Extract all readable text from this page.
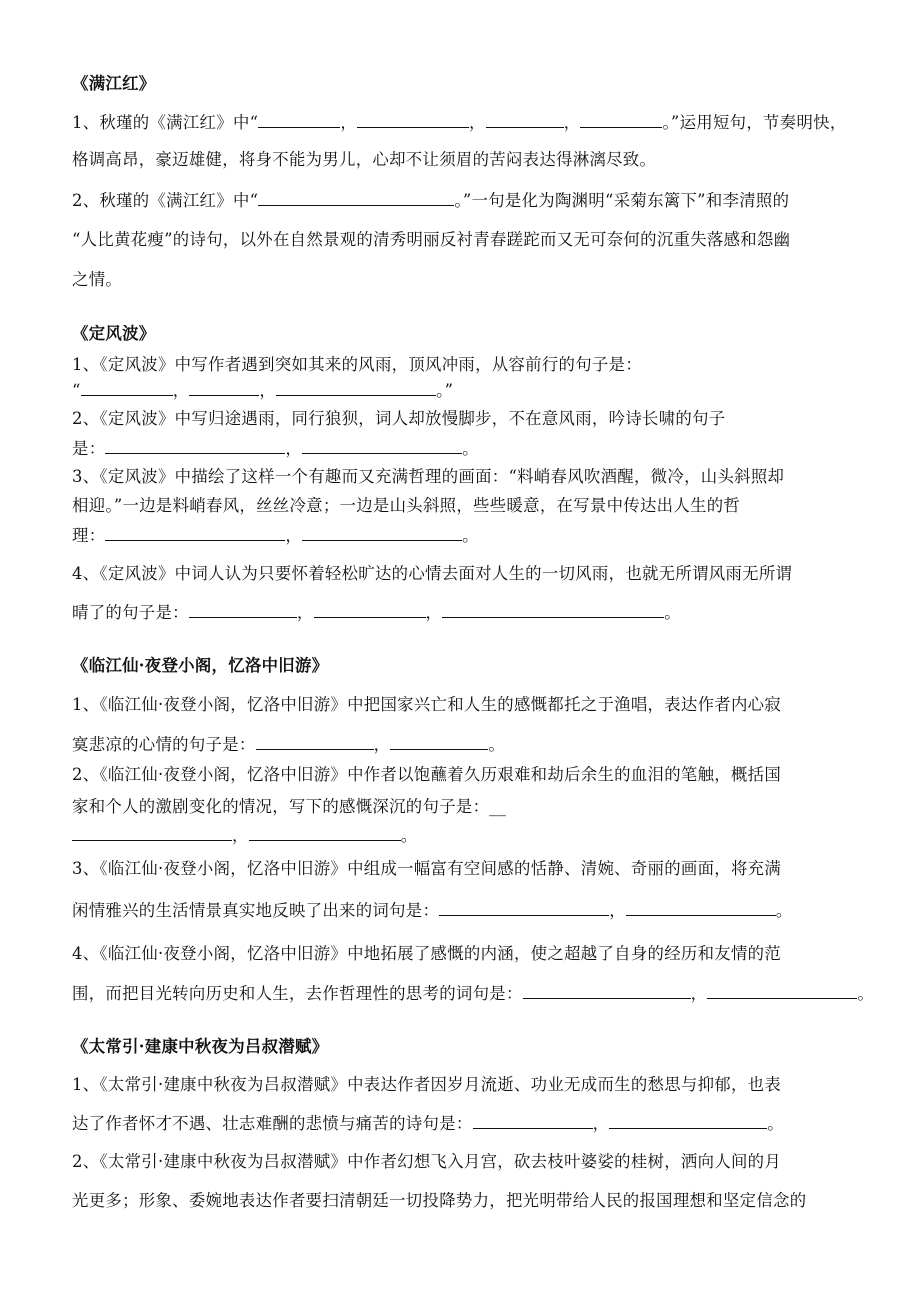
《满江红》
1、秋瑾的《满江红》中“	，	，	，	。”运用短句，节奏明快，
格调高昂，豪迈雄健，将身不能为男儿，心却不让须眉的苦闷表达得淋漓尽致。
2、秋瑾的《满江红》中“	。”一句是化为陶渊明“采菊东篱下”和李清照的
“人比黄花瘦”的诗句，以外在自然景观的清秀明丽反衬青春蹉跎而又无可奈何的沉重失落感和怨幽
之情。
《定风波》
1、《定风波》中写作者遇到突如其来的风雨，顶风冲雨，从容前行的句子是：
“	，	，	。”
2、《定风波》中写归途遇雨，同行狼狈，词人却放慢脚步，不在意风雨，吟诗长啸的句子
是：	，	。
3、《定风波》中描绘了这样一个有趣而又充满哲理的画面：“料峭春风吹酒醒，微冷，山头斜照却
相迎。”一边是料峭春风，丝丝冷意；一边是山头斜照，些些暖意，在写景中传达出人生的哲
理：	，	。
4、《定风波》中词人认为只要怀着轻松旷达的心情去面对人生的一切风雨，也就无所谓风雨无所谓
晴了的句子是：	，	，	。
《临江仙·夜登小阁，忆洛中旧游》
1、《临江仙·夜登小阁，忆洛中旧游》中把国家兴亡和人生的感慨都托之于渔唱，表达作者内心寂
寞悲凉的心情的句子是：	，	。
2、《临江仙·夜登小阁，忆洛中旧游》中作者以饱蘸着久历艰难和劫后余生的血泪的笔触，概括国
家和个人的激剧变化的情况，写下的感慨深沉的句子是：__
，	。
3、《临江仙·夜登小阁，忆洛中旧游》中组成一幅富有空间感的恬静、清婉、奇丽的画面，将充满
闲情雅兴的生活情景真实地反映了出来的词句是：	，	。
4、《临江仙·夜登小阁，忆洛中旧游》中地拓展了感慨的内涵，使之超越了自身的经历和友情的范
围，而把目光转向历史和人生，去作哲理性的思考的词句是：	，	。
《太常引·建康中秋夜为吕叔潜赋》
1、《太常引·建康中秋夜为吕叔潜赋》中表达作者因岁月流逝、功业无成而生的愁思与抑郁，也表
达了作者怀才不遇、壮志难酬的悲愤与痛苦的诗句是：	，	。
2、《太常引·建康中秋夜为吕叔潜赋》中作者幻想飞入月宫，砍去枝叶婆娑的桂树，洒向人间的月
光更多；形象、委婉地表达作者要扫清朝廷一切投降势力，把光明带给人民的报国理想和坚定信念的
